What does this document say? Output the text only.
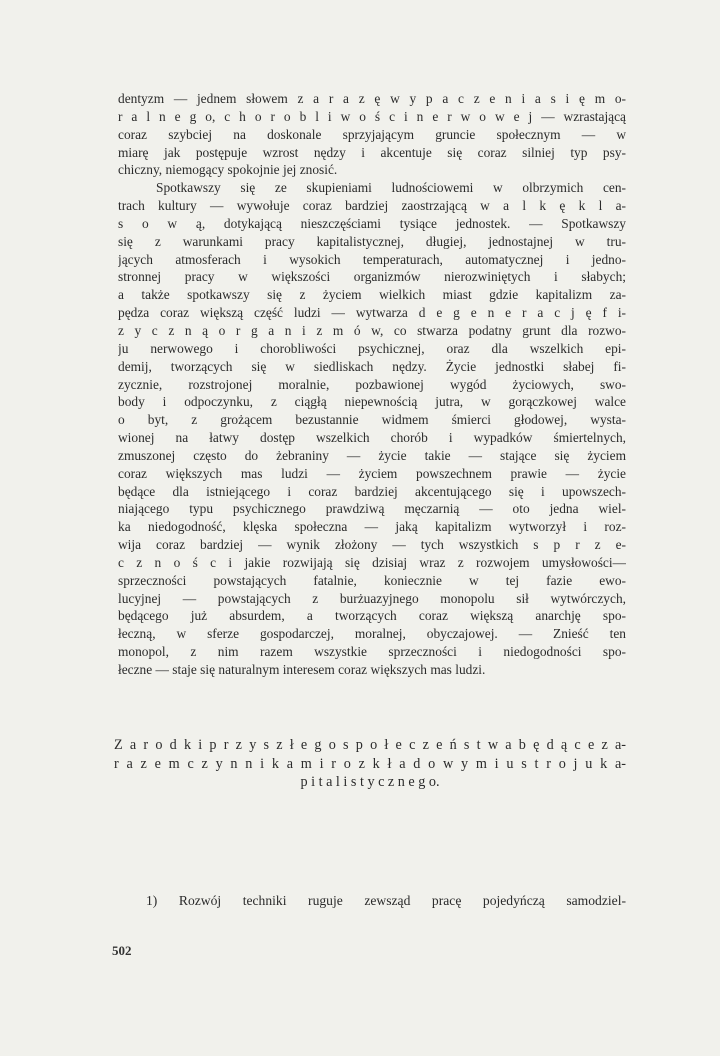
dentyzm — jednem słowem z a r a z ę w y p a c z e n i a s i ę m o-
r a l n e g o, c h o r o b l i w o ś c i n e r w o w e j — wzrastającą
coraz szybciej na doskonale sprzyjającym gruncie społecznym — w
miarę jak postępuje wzrost nędzy i akcentuje się coraz silniej typ psy-
chiczny, niemogący spokojnie jej znosić.
Spotkawszy się ze skupieniami ludnościowemi w olbrzymich cen-
trach kultury — wywołuje coraz bardziej zaostrzającą w a l k ę k l a-
s o w ą, dotykającą nieszczęściami tysiące jednostek. — Spotkawszy
się z warunkami pracy kapitalistycznej, długiej, jednostajnej w tru-
jących atmosferach i wysokich temperaturach, automatycznej i jedno-
stronnej pracy w większości organizmów nierozwiniętych i słabych;
a także spotkawszy się z życiem wielkich miast gdzie kapitalizm za-
pędza coraz większą część ludzi — wytwarza d e g e n e r a c j ę f i-
z y c z n ą o r g a n i z m ó w, co stwarza podatny grunt dla rozwo-
ju nerwowego i chorobliwości psychicznej, oraz dla wszelkich epi-
demij, tworzących się w siedliskach nędzy. Życie jednostki słabej fi-
zycznie, rozstrojonej moralnie, pozbawionej wygód życiowych, swo-
body i odpoczynku, z ciągłą niepewnością jutra, w gorączkowej walce
o byt, z grożącem bezustannie widmem śmierci głodowej, wysta-
wionej na łatwy dostęp wszelkich chorób i wypadków śmiertelnych,
zmuszonej często do żebraniny — życie takie — stające się życiem
coraz większych mas ludzi — życiem powszechnem prawie — życie
będące dla istniejącego i coraz bardziej akcentującego się i upowszech-
niającego typu psychicznego prawdziwą męczarnią — oto jedna wiel-
ka niedogodność, klęska społeczna — jaką kapitalizm wytworzył i roz-
wija coraz bardziej — wynik złożony — tych wszystkich s p r z e-
c z n o ś c i jakie rozwijają się dzisiaj wraz z rozwojem umysłowości—
sprzeczności powstających fatalnie, koniecznie w tej fazie ewo-
lucyjnej — powstających z burżuazyjnego monopolu sił wytwórczych,
będącego już absurdem, a tworzących coraz większą anarchję spo-
łeczną, w sferze gospodarczej, moralnej, obyczajowej. — Znieść ten
monopol, z nim razem wszystkie sprzeczności i niedogodności spo-
łeczne — staje się naturalnym interesem coraz większych mas ludzi.
Z a r o d k i p r z y s z ł e g o s p o ł e c z e ń s t w a b ę d ą c e z a-
r a z e m c z y n n i k a m i r o z k ł a d o w y m i u s t r o j u k a-
p i t a l i s t y c z n e g o.
1) Rozwój techniki ruguje zewsząd pracę pojedyńczą samodziel-
502
